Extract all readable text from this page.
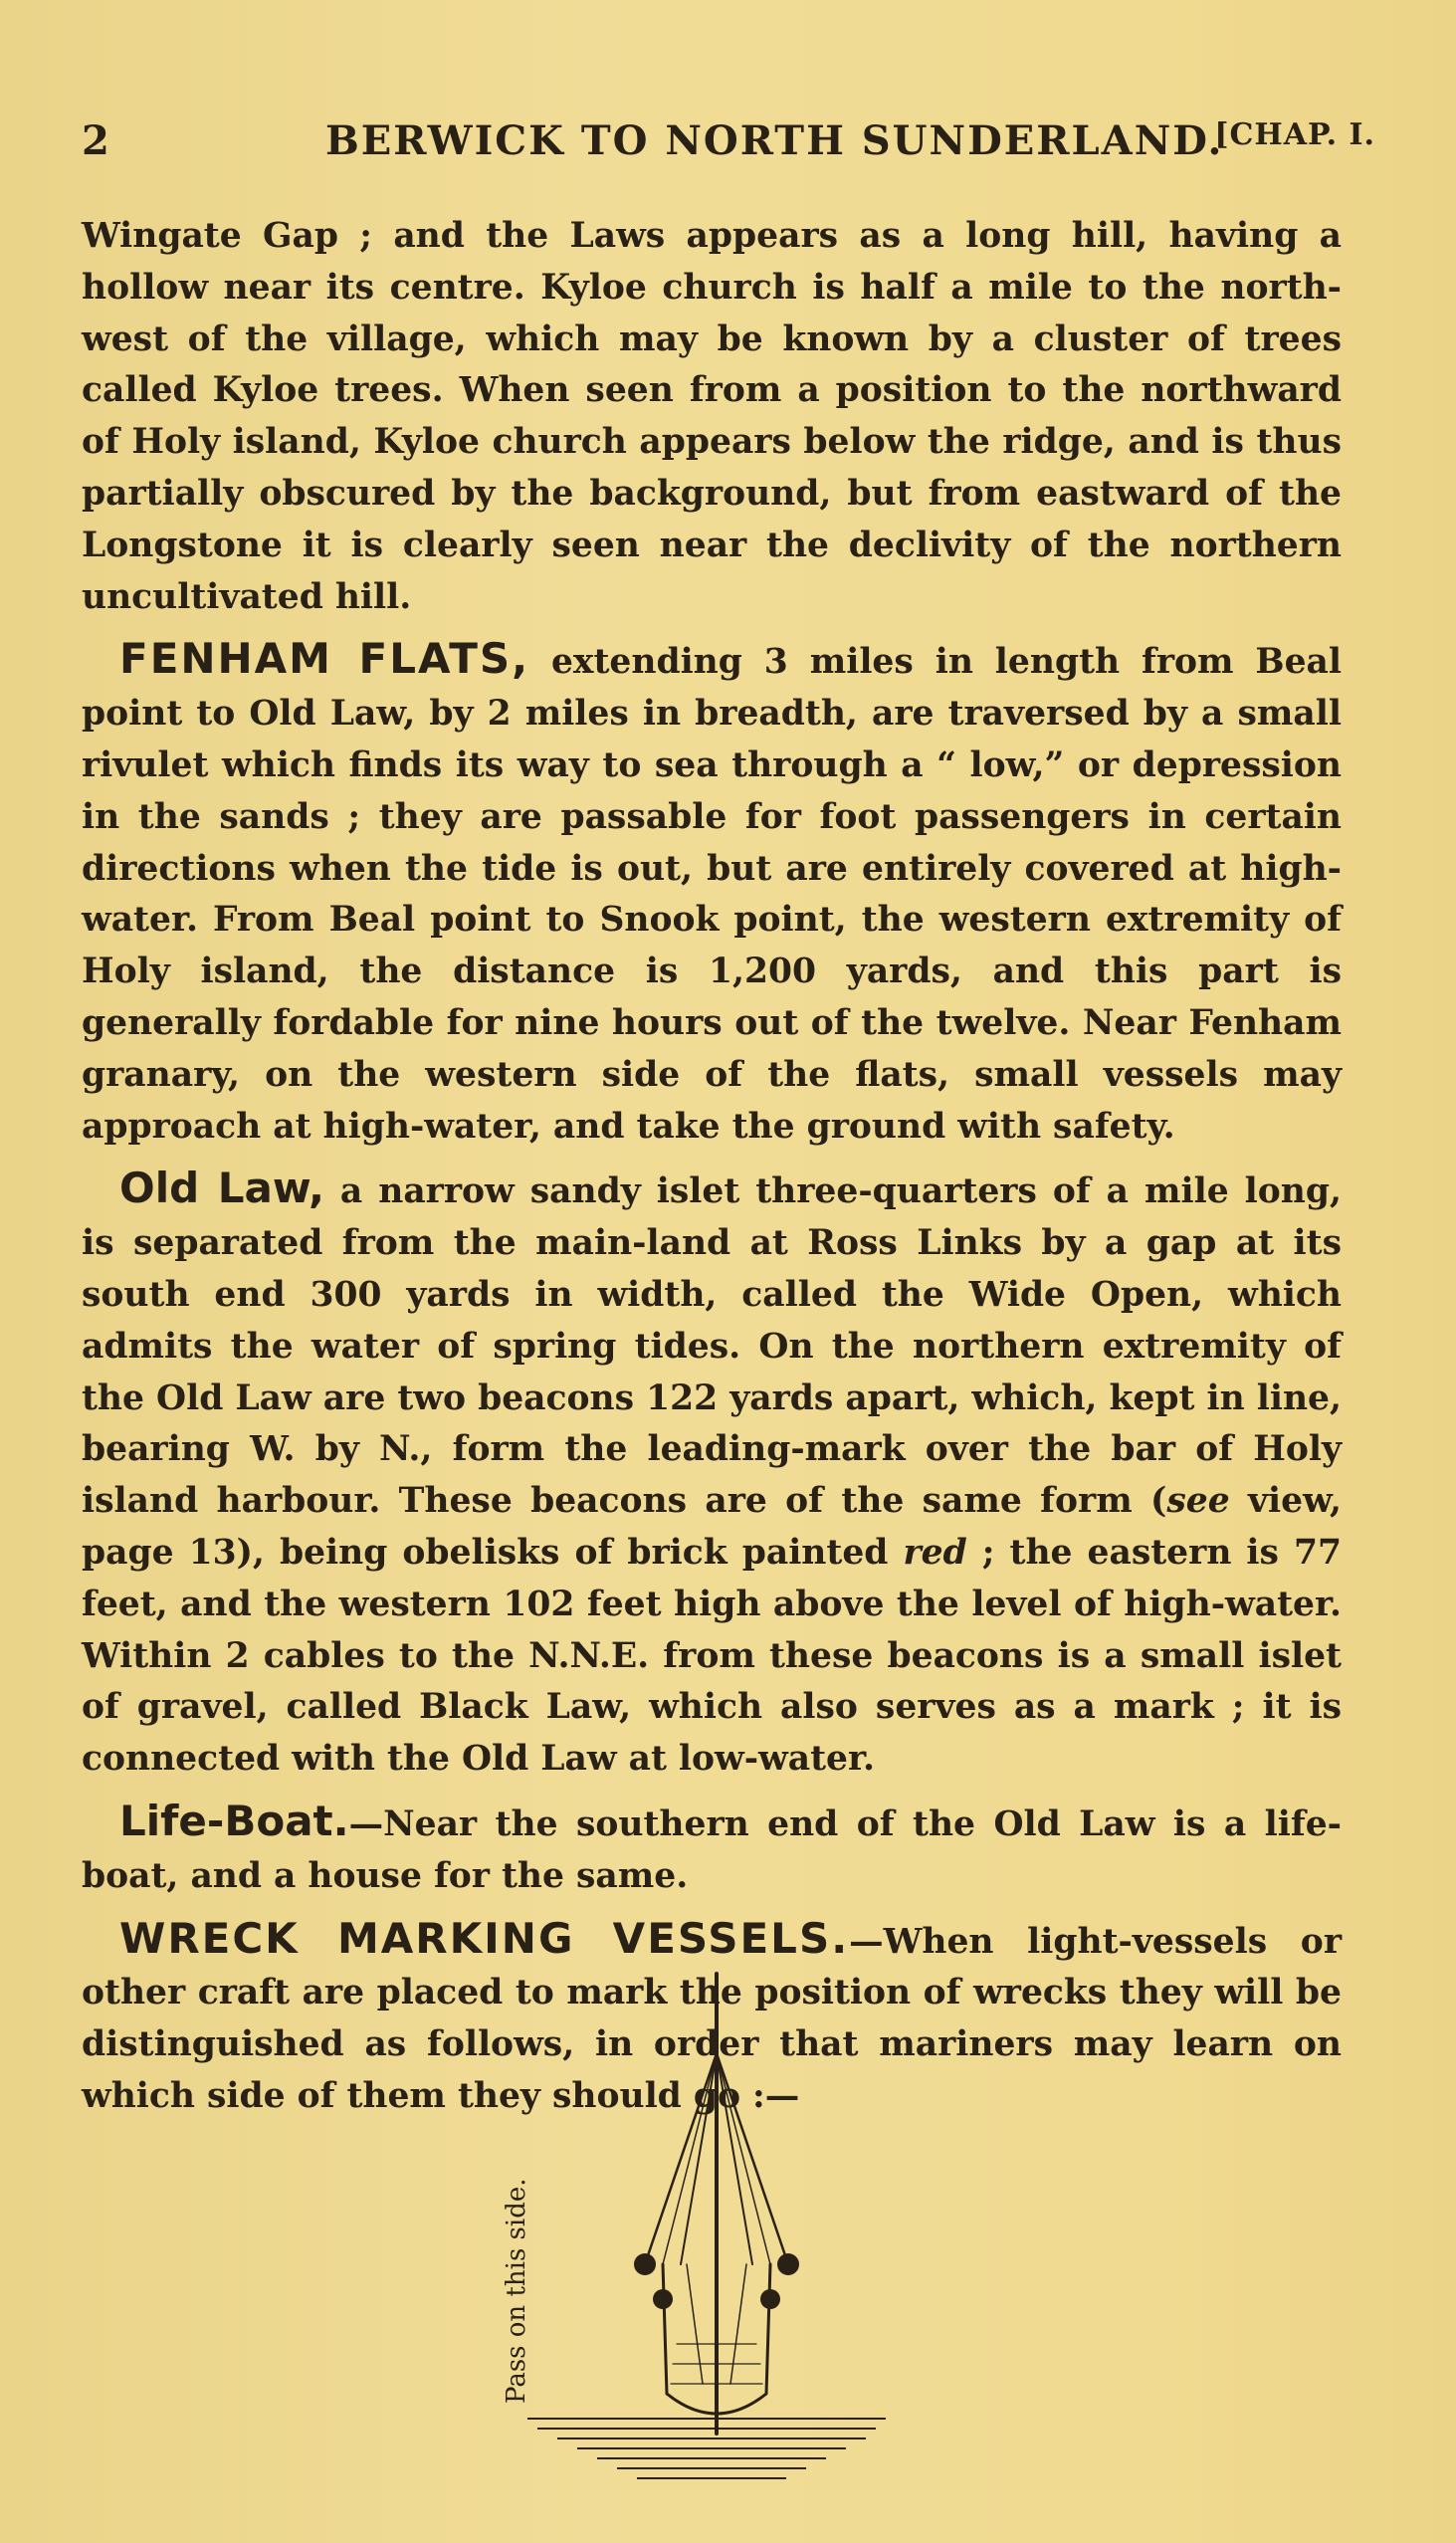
2	BERWICK TO NORTH SUNDERLAND.
[CHAP. I.

Wingate Gap ; and the Laws appears as a long hill, having a hollow near its centre. Kyloe church is half a mile to the north-west of the village, which may be known by a cluster of trees called Kyloe trees. When seen from a position to the northward of Holy island, Kyloe church appears below the ridge, and is thus partially obscured by the background, but from eastward of the Longstone it is clearly seen near the declivity of the northern uncultivated hill.

FENHAM FLATS, extending 3 miles in length from Beal point to Old Law, by 2 miles in breadth, are traversed by a small rivulet which finds its way to sea through a “ low,” or depression in the sands ; they are passable for foot passengers in certain directions when the tide is out, but are entirely covered at high-water. From Beal point to Snook point, the western extremity of Holy island, the distance is 1,200 yards, and this part is generally fordable for nine hours out of the twelve. Near Fenham granary, on the western side of the flats, small vessels may approach at high-water, and take the ground with safety.

Old Law, a narrow sandy islet three-quarters of a mile long, is separated from the main-land at Ross Links by a gap at its south end 300 yards in width, called the Wide Open, which admits the water of spring tides. On the northern extremity of the Old Law are two beacons 122 yards apart, which, kept in line, bearing W. by N., form the leading-mark over the bar of Holy island harbour. These beacons are of the same form (see view, page 13), being obelisks of brick painted red ; the eastern is 77 feet, and the western 102 feet high above the level of high-water. Within 2 cables to the N.N.E. from these beacons is a small islet of gravel, called Black Law, which also serves as a mark ; it is connected with the Old Law at low-water.

Life-Boat.—Near the southern end of the Old Law is a life-boat, and a house for the same.

WRECK MARKING VESSELS.—When light-vessels or other craft are placed to mark the position of wrecks they will be distinguished as follows, in order that mariners may learn on which side of them they should go :—

Pass on this side.
